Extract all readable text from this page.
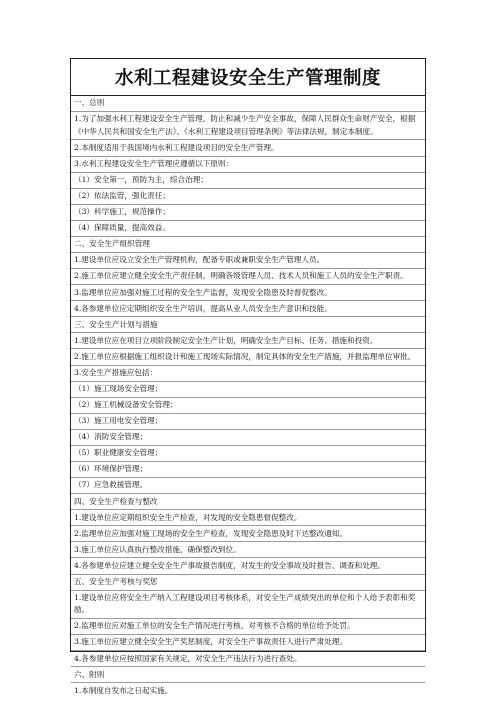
水利工程建设安全生产管理制度
一、总则
1.为了加强水利工程建设安全生产管理，防止和减少生产安全事故，保障人民群众生命财产安全，根据《中华人民共和国安全生产法》、《水利工程建设项目管理条例》等法律法规，制定本制度。
2.本制度适用于我国境内水利工程建设项目的安全生产管理。
3.水利工程建设安全生产管理应遵循以下原则：
（1）安全第一，预防为主，综合治理；
（2）依法监管，强化责任；
（3）科学施工，规范操作；
（4）保障质量，提高效益。
二、安全生产组织管理
1.建设单位应设立安全生产管理机构，配备专职或兼职安全生产管理人员。
2.施工单位应建立健全安全生产责任制，明确各级管理人员、技术人员和施工人员的安全生产职责。
3.监理单位应加强对施工过程的安全生产监督，发现安全隐患及时督促整改。
4.各参建单位应定期组织安全生产培训，提高从业人员安全生产意识和技能。
三、安全生产计划与措施
1.建设单位应在项目立项阶段制定安全生产计划，明确安全生产目标、任务、措施和投资。
2.施工单位应根据施工组织设计和施工现场实际情况，制定具体的安全生产措施，并报监理单位审批。
3.安全生产措施应包括：
（1）施工现场安全管理；
（2）施工机械设备安全管理；
（3）施工用电安全管理；
（4）消防安全管理；
（5）职业健康安全管理；
（6）环境保护管理；
（7）应急救援管理。
四、安全生产检查与整改
1.建设单位应定期组织安全生产检查，对发现的安全隐患督促整改。
2.监理单位应加强对施工现场的安全生产检查，发现安全隐患及时下达整改通知。
3.施工单位应认真执行整改措施，确保整改到位。
4.各参建单位应建立健全安全生产事故报告制度，对发生的安全事故及时报告、调查和处理。
五、安全生产考核与奖惩
1.建设单位应将安全生产纳入工程建设项目考核体系，对安全生产成绩突出的单位和个人给予表彰和奖励。
2.监理单位应对施工单位的安全生产情况进行考核，对考核不合格的单位给予处罚。
3.施工单位应建立健全安全生产奖惩制度，对安全生产事故责任人进行严肃处理。
4.各参建单位应按照国家有关规定，对安全生产违法行为进行查处。
六、附则
1.本制度自发布之日起实施。
